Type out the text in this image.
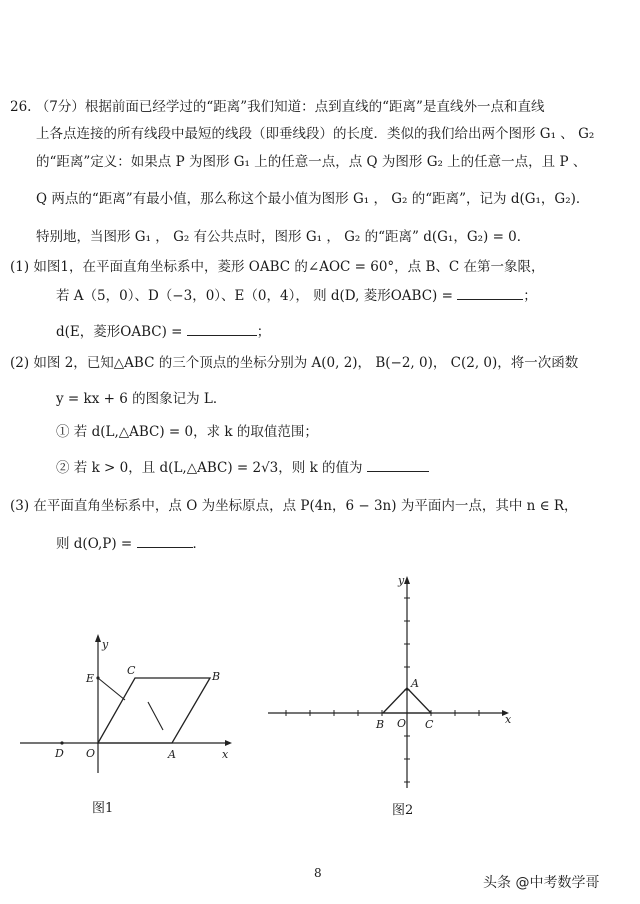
26. （7分）根据前面已经学过的“距离”我们知道：点到直线的“距离”是直线外一点和直线
上各点连接的所有线段中最短的线段（即垂线段）的长度．类似的我们给出两个图形 G₁ 、 G₂
的“距离”定义：如果点 P 为图形 G₁ 上的任意一点，点 Q 为图形 G₂ 上的任意一点，且 P 、
Q 两点的“距离”有最小值，那么称这个最小值为图形 G₁ ， G₂ 的“距离”，记为 d(G₁，G₂)．
特别地，当图形 G₁ ， G₂ 有公共点时，图形 G₁ ， G₂ 的“距离” d(G₁，G₂) = 0．
(1) 如图1，在平面直角坐标系中，菱形 OABC 的∠AOC = 60°，点 B、C 在第一象限，
若 A（5，0）、D（−3，0）、E（0，4）， 则 d(D, 菱形OABC) =	；
d(E，菱形OABC) =	；
(2) 如图 2，已知△ABC 的三个顶点的坐标分别为 A(0, 2)， B(−2, 0)， C(2, 0)，将一次函数
y = kx + 6 的图象记为 L．
① 若 d(L,△ABC) = 0，求 k 的取值范围；
② 若 k > 0，且 d(L,△ABC) = 2√3，则 k 的值为
(3) 在平面直角坐标系中，点 O 为坐标原点，点 P(4n，6 − 3n) 为平面内一点，其中 n ∈ R，
则 d(O,P) =	．
y
x
E
C	B
D O	A
图1
y
x
A
B O C
图2
8
头条 @中考数学哥
